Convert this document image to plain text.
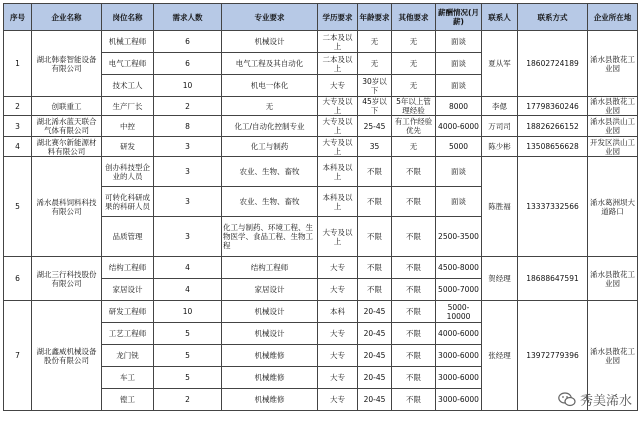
序号	企业名称	岗位名称	需求人数	专业要求	学历要求	年龄要求	其他要求	薪酬情况(月薪)	联系人	联系方式	企业所在地
1	湖北韩泰智能设备有限公司	机械工程师	6	机械设计	二本及以上	无	无	面谈	夏从军	18602724189	浠水县散花工业园
		电气工程师	6	电气工程及其自动化	二本及以上	无	无	面谈			
		技术工人	10	机电一体化	大专	30岁以下	无	面谈			
2	创联重工	生产厂长	2	无	大专及以上	45岁以下	5年以上管理经验	8000	李偲	17798360246	浠水县散花工业园
3	湖北浠水蓝天联合气体有限公司	中控	8	化工/自动化控制专业	大专及以上	25-45	有工作经验优先	4000-6000	万司司	18826266152	浠水县洪山工业园
4	湖北赛尔新能源材料有限公司	研发	3	化工与制药	大专及以上	35	无	5000	陈少彬	13508656628	开发区洪山工业园
5	浠水晨科饲料科技有限公司	创办科技型企业的人员	3	农业、生物、畜牧	本科及以上	不限	不限	面谈	陈胜福	13337332566	浠水葛洲坝大道路口
		可转化科研成果的科研人员	3	农业、生物、畜牧	本科及以上	不限	不限	面谈			
		品质管理	3	化工与制药、环境工程、生物医学、食品工程、生物工程	大专及以上	不限	不限	2500-3500			
6	湖北三行科技股份有限公司	结构工程师	4	结构工程师	大专	不限	不限	4500-8000	贺经理	18688647591	浠水县散花工业园
		家居设计	4	家居设计	大专	不限	不限	5000-7000			
7	湖北鑫威机械设备股份有限公司	研发工程师	10	机械设计	本科	20-45	不限	5000-10000	张经理	13972779396	浠水县散花工业园
		工艺工程师	5	机械设计	大专	20-45	不限	4000-6000			
		龙门铣	5	机械维修	大专	20-45	不限	3000-6000			
		车工	5	机械维修	大专	20-45	不限	3000-6000			
		镗工	2	机械维修	大专	20-45	不限	3000-6000				秀美浠水
